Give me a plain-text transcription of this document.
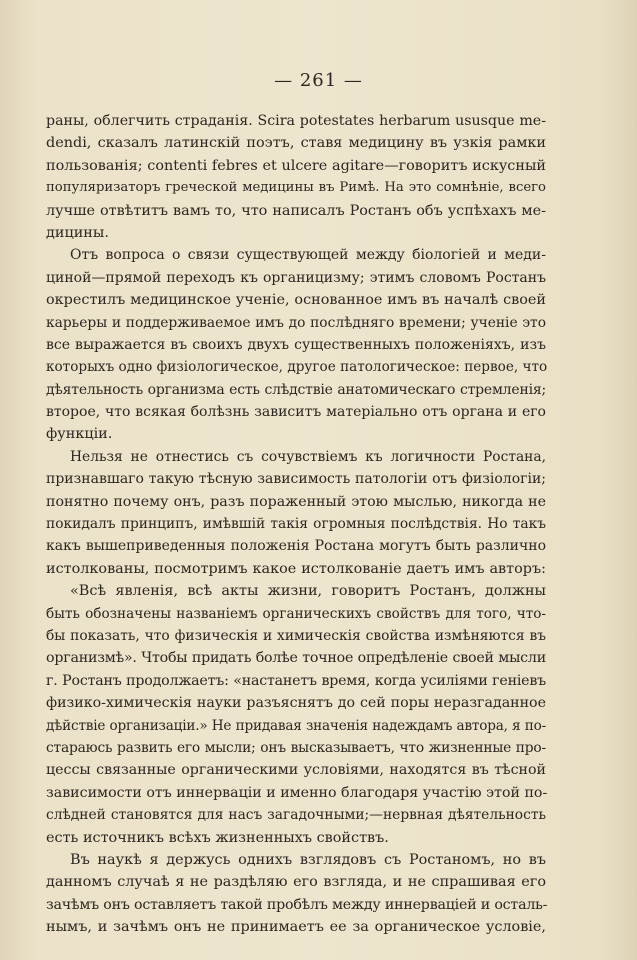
— 261 —
раны, облегчить страданія. Scira potestates herbarum ususque me-
dendi, сказалъ латинскій поэтъ, ставя медицину въ узкія рамки
пользованія; contenti febres et ulcere agitare—говоритъ искусный
популяризаторъ греческой медицины въ Римѣ. На это сомнѣніе, всего
лучше отвѣтитъ вамъ то, что написалъ Ростанъ объ успѣхахъ ме-
дицины.
Отъ вопроса о связи существующей между біологіей и меди-
циной—прямой переходъ къ органицизму; этимъ словомъ Ростанъ
окрестилъ медицинское ученіе, основанное имъ въ началѣ своей
карьеры и поддерживаемое имъ до послѣдняго времени; ученіе это
все выражается въ своихъ двухъ существенныхъ положеніяхъ, изъ
которыхъ одно физіологическое, другое патологическое: первое, что
дѣятельность организма есть слѣдствіе анатомическаго стремленія;
второе, что всякая болѣзнь зависитъ матеріально отъ органа и его
функціи.
Нельзя не отнестись съ сочувствіемъ къ логичности Ростана,
признавшаго такую тѣсную зависимость патологіи отъ физіологіи;
понятно почему онъ, разъ пораженный этою мыслью, никогда не
покидалъ принципъ, имѣвшій такія огромныя послѣдствія. Но такъ
какъ вышеприведенныя положенія Ростана могутъ быть различно
истолкованы, посмотримъ какое истолкованіе даетъ имъ авторъ:
«Всѣ явленія, всѣ акты жизни, говоритъ Ростанъ, должны
быть обозначены названіемъ органическихъ свойствъ для того, что-
бы показать, что физическія и химическія свойства измѣняются въ
организмѣ». Чтобы придать болѣе точное опредѣленіе своей мысли
г. Ростанъ продолжаетъ: «настанетъ время, когда усиліями геніевъ
физико-химическія науки разъяснятъ до сей поры неразгаданное
дѣйствіе организаціи.» Не придавая значенія надеждамъ автора, я по-
стараюсь развить его мысли; онъ высказываетъ, что жизненные про-
цессы связанные органическими условіями, находятся въ тѣсной
зависимости отъ иннерваціи и именно благодаря участію этой по-
слѣдней становятся для насъ загадочными;—нервная дѣятельность
есть источникъ всѣхъ жизненныхъ свойствъ.
Въ наукѣ я держусь однихъ взглядовъ съ Ростаномъ, но въ
данномъ случаѣ я не раздѣляю его взгляда, и не спрашивая его
зачѣмъ онъ оставляетъ такой пробѣлъ между иннерваціей и осталь-
нымъ, и зачѣмъ онъ не принимаетъ ее за органическое условіе,
